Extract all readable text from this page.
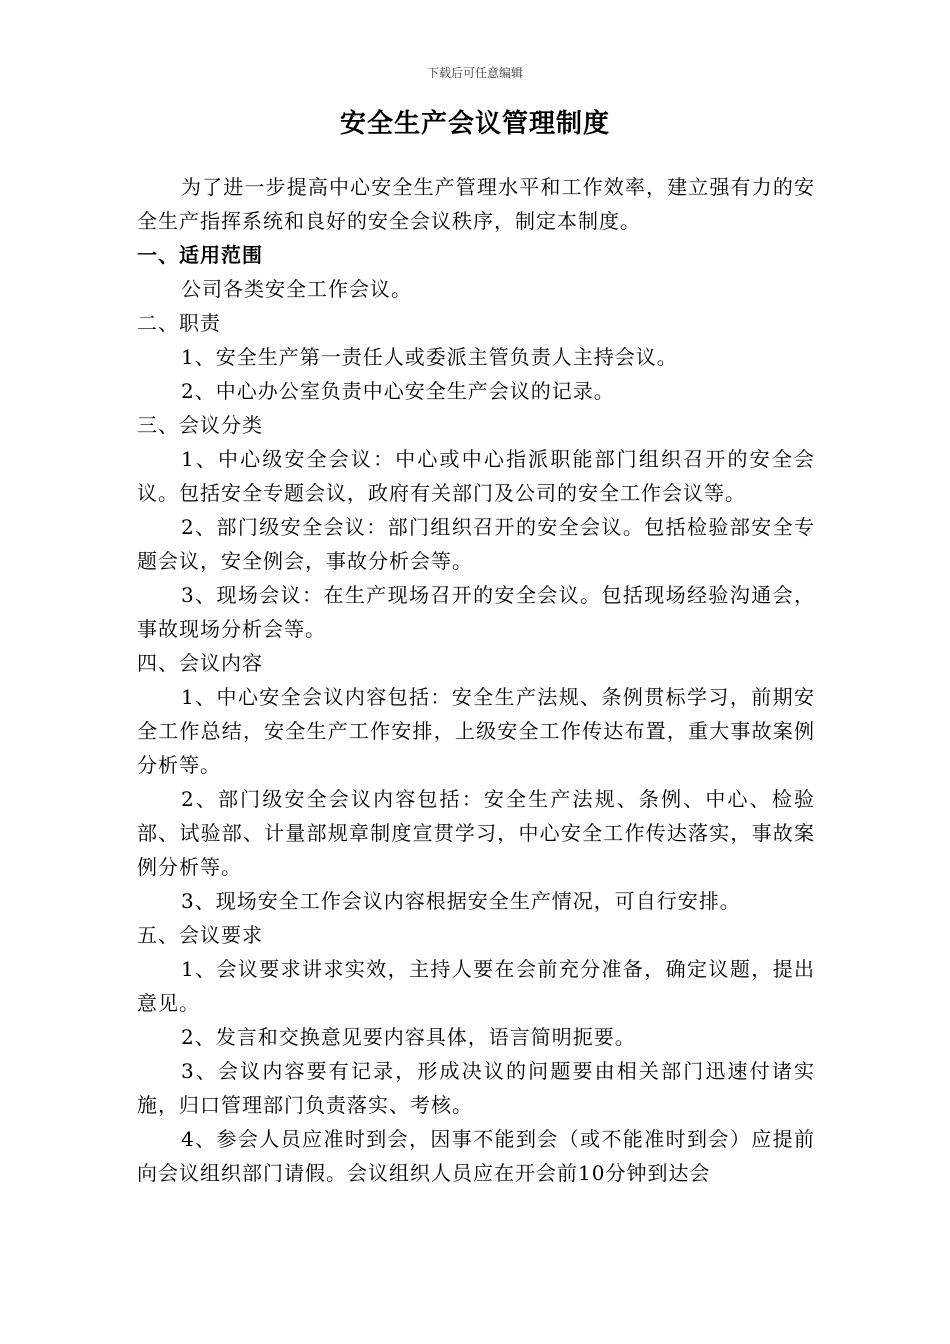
下载后可任意编辑
安全生产会议管理制度

为了进一步提高中心安全生产管理水平和工作效率，建立强有力的安全生产指挥系统和良好的安全会议秩序，制定本制度。

一、适用范围

公司各类安全工作会议。

二、职责

1、安全生产第一责任人或委派主管负责人主持会议。

2、中心办公室负责中心安全生产会议的记录。

三、会议分类

1、中心级安全会议：中心或中心指派职能部门组织召开的安全会议。包括安全专题会议，政府有关部门及公司的安全工作会议等。

2、部门级安全会议：部门组织召开的安全会议。包括检验部安全专题会议，安全例会，事故分析会等。

3、现场会议：在生产现场召开的安全会议。包括现场经验沟通会，事故现场分析会等。

四、会议内容

1、中心安全会议内容包括：安全生产法规、条例贯标学习，前期安全工作总结，安全生产工作安排，上级安全工作传达布置，重大事故案例分析等。

2、部门级安全会议内容包括：安全生产法规、条例、中心、检验部、试验部、计量部规章制度宣贯学习，中心安全工作传达落实，事故案例分析等。

3、现场安全工作会议内容根据安全生产情况，可自行安排。

五、会议要求

1、会议要求讲求实效，主持人要在会前充分准备，确定议题，提出意见。

2、发言和交换意见要内容具体，语言简明扼要。

3、会议内容要有记录，形成决议的问题要由相关部门迅速付诸实施，归口管理部门负责落实、考核。

4、参会人员应准时到会，因事不能到会（或不能准时到会）应提前向会议组织部门请假。会议组织人员应在开会前10分钟到达会
